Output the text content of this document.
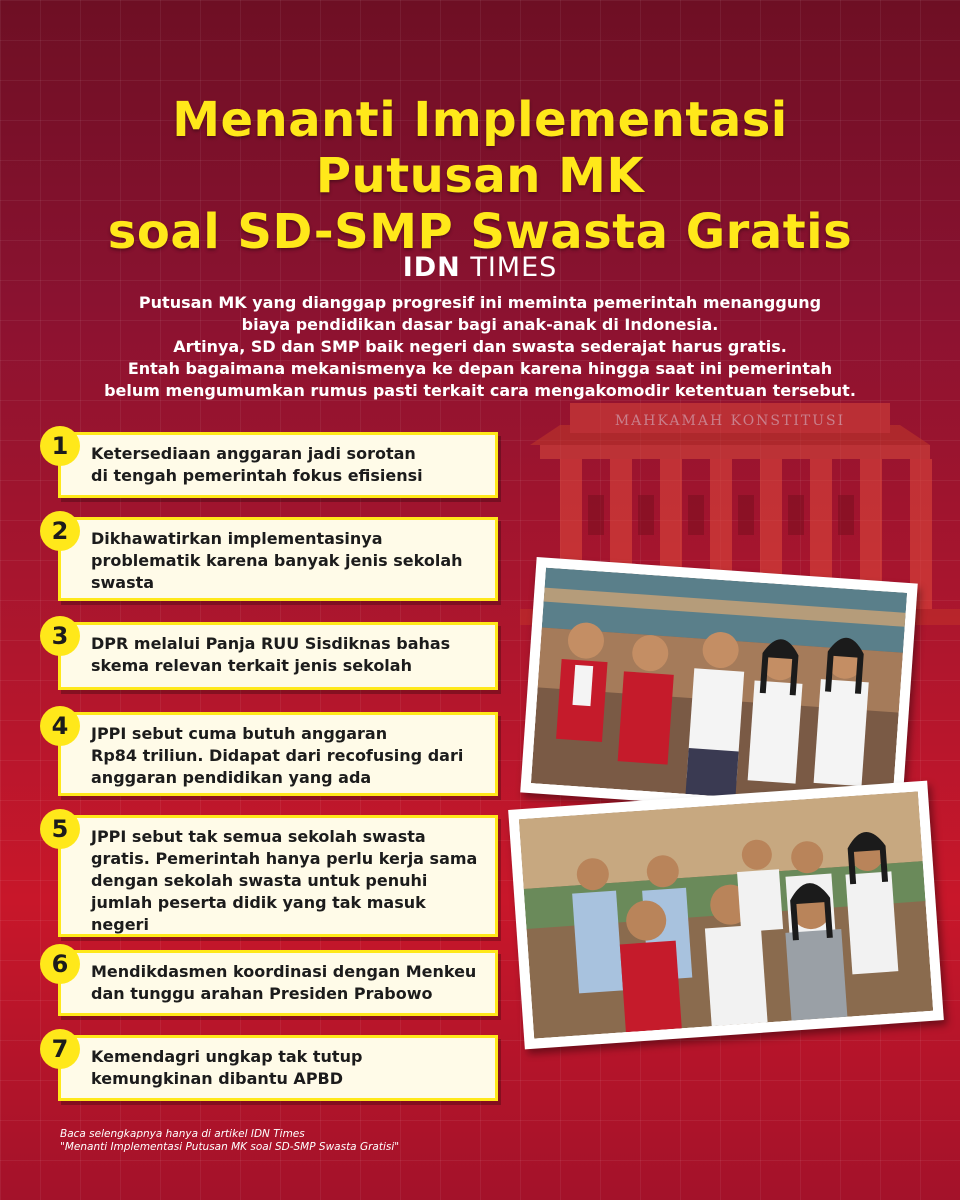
MAHKAMAH KONSTITUSI
Menanti Implementasi
Putusan MK
soal SD-SMP Swasta Gratis
IDN TIMES
Putusan MK yang dianggap progresif ini meminta pemerintah menanggung
biaya pendidikan dasar bagi anak-anak di Indonesia.
Artinya, SD dan SMP baik negeri dan swasta sederajat harus gratis.
Entah bagaimana mekanismenya ke depan karena hingga saat ini pemerintah
belum mengumumkan rumus pasti terkait cara mengakomodir ketentuan tersebut.
1	Ketersediaan anggaran jadi sorotan
di tengah pemerintah fokus efisiensi
2	Dikhawatirkan implementasinya
problematik karena banyak jenis sekolah
swasta
3	DPR melalui Panja RUU Sisdiknas bahas
skema relevan terkait jenis sekolah
4	JPPI sebut cuma butuh anggaran
Rp84 triliun. Didapat dari recofusing dari
anggaran pendidikan yang ada
5	JPPI sebut tak semua sekolah swasta
gratis. Pemerintah hanya perlu kerja sama
dengan sekolah swasta untuk penuhi
jumlah peserta didik yang tak masuk
negeri
6	Mendikdasmen koordinasi dengan Menkeu
dan tunggu arahan Presiden Prabowo
7	Kemendagri ungkap tak tutup
kemungkinan dibantu APBD
Baca selengkapnya hanya di artikel IDN Times
"Menanti Implementasi Putusan MK soal SD-SMP Swasta Gratisi"
